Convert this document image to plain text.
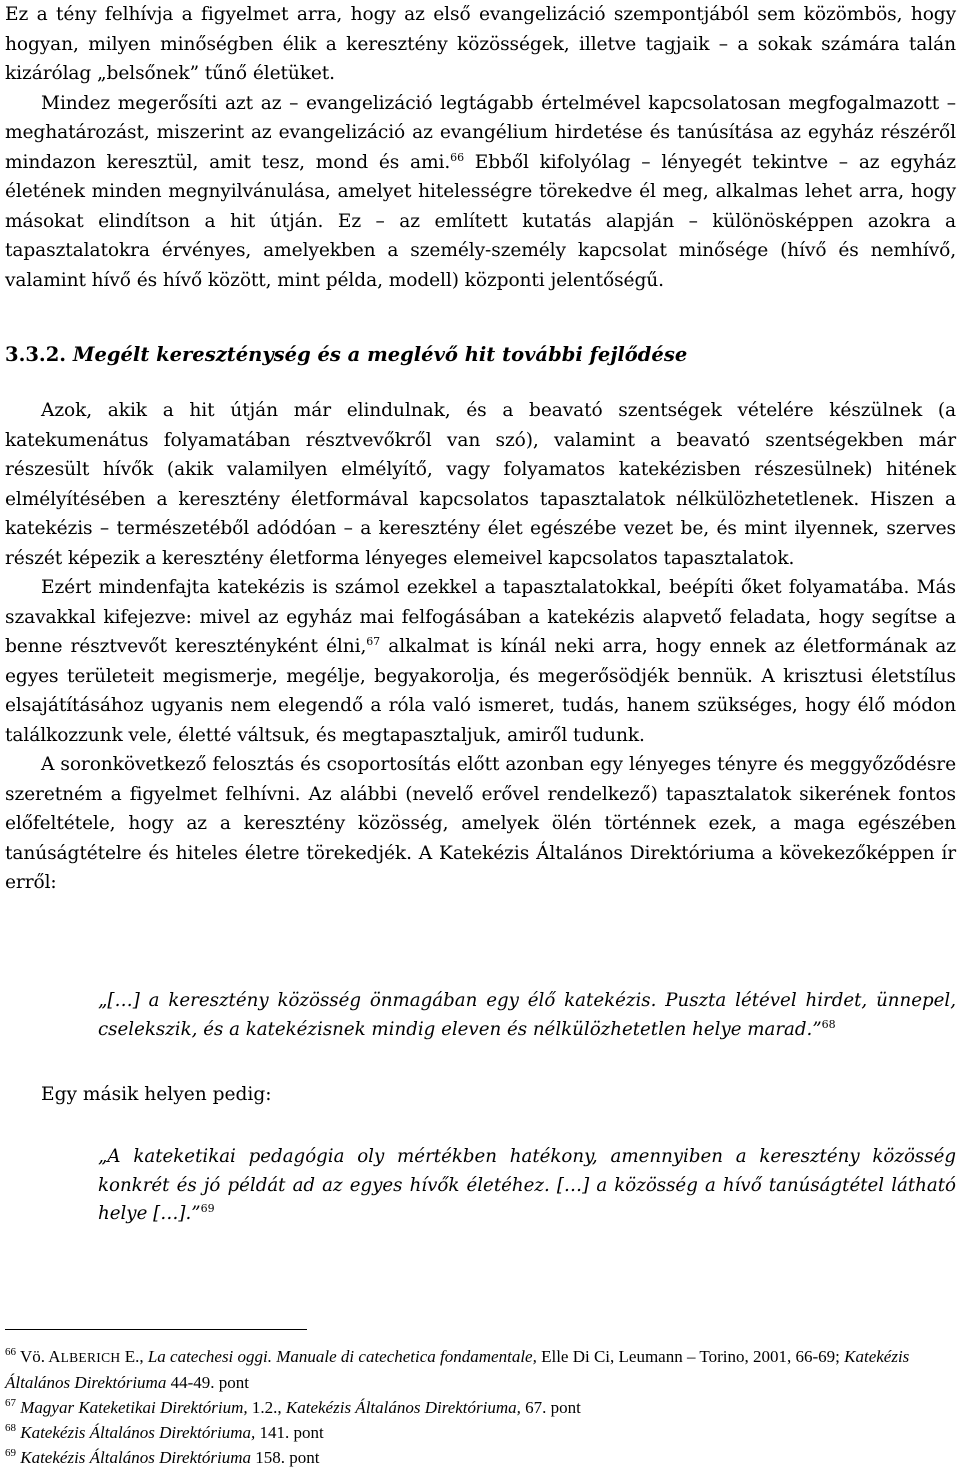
Ez a tény felhívja a figyelmet arra, hogy az első evangelizáció szempontjából sem közömbös, hogy hogyan, milyen minőségben élik a keresztény közösségek, illetve tagjaik – a sokak számára talán kizárólag „belsőnek” tűnő életüket.

Mindez megerősíti azt az – evangelizáció legtágabb értelmével kapcsolatosan megfogalmazott – meghatározást, miszerint az evangelizáció az evangélium hirdetése és tanúsítása az egyház részéről mindazon keresztül, amit tesz, mond és ami.$^{66}$ Ebből kifolyólag – lényegét tekintve – az egyház életének minden megnyilvánulása, amelyet hitelességre törekedve él meg, alkalmas lehet arra, hogy másokat elindítson a hit útján. Ez – az említett kutatás alapján – különösképpen azokra a tapasztalatokra érvényes, amelyekben a személy-személy kapcsolat minősége (hívő és nemhívő, valamint hívő és hívő között, mint példa, modell) központi jelentőségű.

3.3.2. Megélt kereszténység és a meglévő hit további fejlődése

Azok, akik a hit útján már elindulnak, és a beavató szentségek vételére készülnek (a katekumenátus folyamatában résztvevőkről van szó), valamint a beavató szentségekben már részesült hívők (akik valamilyen elmélyítő, vagy folyamatos katekézisben részesülnek) hitének elmélyítésében a keresztény életformával kapcsolatos tapasztalatok nélkülözhetetlenek. Hiszen a katekézis – természetéből adódóan – a keresztény élet egészébe vezet be, és mint ilyennek, szerves részét képezik a keresztény életforma lényeges elemeivel kapcsolatos tapasztalatok.

Ezért mindenfajta katekézis is számol ezekkel a tapasztalatokkal, beépíti őket folyamatába. Más szavakkal kifejezve: mivel az egyház mai felfogásában a katekézis alapvető feladata, hogy segítse a benne résztvevőt keresztényként élni,$^{67}$ alkalmat is kínál neki arra, hogy ennek az életformának az egyes területeit megismerje, megélje, begyakorolja, és megerősödjék bennük. A krisztusi életstílus elsajátításához ugyanis nem elegendő a róla való ismeret, tudás, hanem szükséges, hogy élő módon találkozzunk vele, életté váltsuk, és megtapasztaljuk, amiről tudunk.

A soronkövetkező felosztás és csoportosítás előtt azonban egy lényeges tényre és meggyőződésre szeretném a figyelmet felhívni. Az alábbi (nevelő erővel rendelkező) tapasztalatok sikerének fontos előfeltétele, hogy az a keresztény közösség, amelyek ölén történnek ezek, a maga egészében tanúságtételre és hiteles életre törekedjék. A Katekézis Általános Direktóriuma a kövekezőképpen ír erről:

„[…] a keresztény közösség önmagában egy élő katekézis. Puszta létével hirdet, ünnepel, cselekszik, és a katekézisnek mindig eleven és nélkülözhetetlen helye marad.”$^{68}$
Egy másik helyen pedig:
„A kateketikai pedagógia oly mértékben hatékony, amennyiben a keresztény közösség konkrét és jó példát ad az egyes hívők életéhez. […] a közösség a hívő tanúságtétel látható helye […].”$^{69}$

$^{66}$ Vö. ALBERICH E., La catechesi oggi. Manuale di catechetica fondamentale, Elle Di Ci, Leumann – Torino, 2001, 66-69; Katekézis Általános Direktóriuma 44-49. pont

$^{67}$ Magyar Kateketikai Direktórium, 1.2., Katekézis Általános Direktóriuma, 67. pont

$^{68}$ Katekézis Általános Direktóriuma, 141. pont

$^{69}$ Katekézis Általános Direktóriuma 158. pont
